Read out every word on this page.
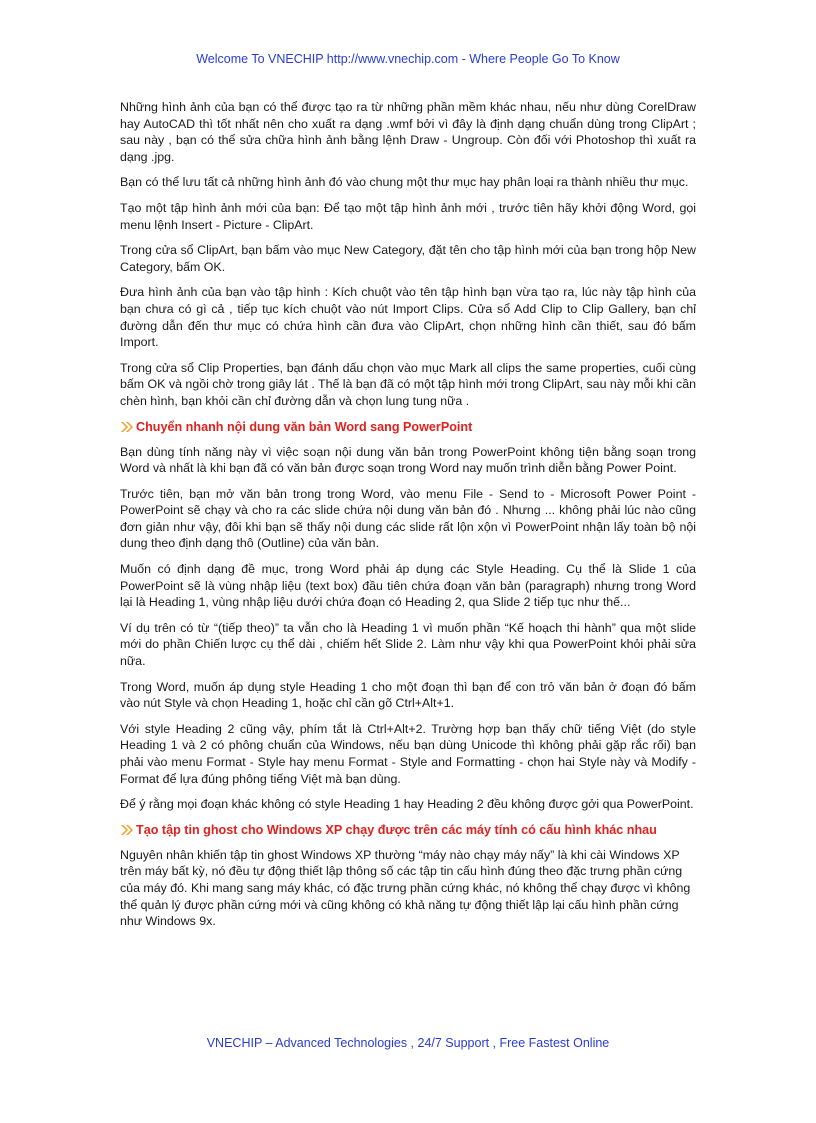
Welcome To VNECHIP http://www.vnechip.com - Where People Go To Know

Những hình ảnh của bạn có thể được tạo ra từ những phần mềm khác nhau, nếu như dùng CorelDraw hay AutoCAD thì tốt nhất nên cho xuất ra dạng .wmf bởi vì đây là định dạng chuẩn dùng trong ClipArt ; sau này , bạn có thể sửa chữa hình ảnh bằng lệnh Draw - Ungroup. Còn đối với Photoshop thì xuất ra dạng .jpg.

Bạn có thể lưu tất cả những hình ảnh đó vào chung một thư mục hay phân loại ra thành nhiều thư mục.

Tạo một tập hình ảnh mới của bạn: Để tạo một tập hình ảnh mới , trước tiên hãy khởi động Word, gọi menu lệnh Insert - Picture - ClipArt.

Trong cửa sổ ClipArt, bạn bấm vào mục New Category, đặt tên cho tập hình mới của bạn trong hộp New Category, bấm OK.

Đưa hình ảnh của bạn vào tập hình : Kích chuột vào tên tập hình bạn vừa tạo ra, lúc này tập hình của bạn chưa có gì cả , tiếp tục kích chuột vào nút Import Clips. Cửa sổ Add Clip to Clip Gallery, bạn chỉ đường dẫn đến thư mục có chứa hình cần đưa vào ClipArt, chọn những hình cần thiết, sau đó bấm Import.

Trong cửa sổ Clip Properties, bạn đánh dấu chọn vào mục Mark all clips the same properties, cuối cùng bấm OK và ngồi chờ trong giây lát . Thế là bạn đã có một tập hình mới trong ClipArt, sau này mỗi khi cần chèn hình, bạn khỏi cần chỉ đường dẫn và chọn lung tung nữa .

Chuyển nhanh nội dung văn bản Word sang PowerPoint

Bạn dùng tính năng này vì việc soạn nội dung văn bản trong PowerPoint không tiện bằng soạn trong Word và nhất là khi bạn đã có văn bản được soạn trong Word nay muốn trình diễn bằng Power Point.

Trước tiên, bạn mở văn bản trong trong Word, vào menu File - Send to - Microsoft Power Point - PowerPoint sẽ chạy và cho ra các slide chứa nội dung văn bản đó . Nhưng ... không phải lúc nào cũng đơn giản như vậy, đôi khi bạn sẽ thấy nội dung các slide rất lộn xộn vì PowerPoint nhận lấy toàn bộ nội dung theo định dạng thô (Outline) của văn bản.

Muốn có định dạng đề mục, trong Word phải áp dụng các Style Heading. Cụ thể là Slide 1 của PowerPoint sẽ là vùng nhập liệu (text box) đầu tiên chứa đoạn văn bản (paragraph) nhưng trong Word lại là Heading 1, vùng nhập liệu dưới chứa đoạn có Heading 2, qua Slide 2 tiếp tục như thế...

Ví dụ trên có từ “(tiếp theo)” ta vẫn cho là Heading 1 vì muốn phần “Kế hoạch thi hành” qua một slide mới do phần Chiến lược cụ thể dài , chiếm hết Slide 2. Làm như vậy khi qua PowerPoint khỏi phải sửa nữa.

Trong Word, muốn áp dụng style Heading 1 cho một đoạn thì bạn để con trỏ văn bản ở đoạn đó bấm vào nút Style và chọn Heading 1, hoặc chỉ cần gõ Ctrl+Alt+1.

Với style Heading 2 cũng vậy, phím tắt là Ctrl+Alt+2. Trường hợp bạn thấy chữ tiếng Việt (do style Heading 1 và 2 có phông chuẩn của Windows, nếu bạn dùng Unicode thì không phải gặp rắc rối) bạn phải vào menu Format - Style hay menu Format - Style and Formatting - chọn hai Style này và Modify - Format để lựa đúng phông tiếng Việt mà bạn dùng.

Để ý rằng mọi đoạn khác không có style Heading 1 hay Heading 2 đều không được gởi qua PowerPoint.

Tạo tập tin ghost cho Windows XP chạy được trên các máy tính có cấu hình khác nhau

Nguyên nhân khiến tập tin ghost Windows XP thường “máy nào chạy máy nấy” là khi cài Windows XP trên máy bất kỳ, nó đều tự động thiết lập thông số các tập tin cấu hình đúng theo đặc trưng phần cứng của máy đó. Khi mang sang máy khác, có đặc trưng phần cứng khác, nó không thể chạy được vì không thể quản lý được phần cứng mới và cũng không có khả năng tự động thiết lập lại cấu hình phần cứng như Windows 9x.

VNECHIP – Advanced Technologies , 24/7 Support , Free Fastest Online
